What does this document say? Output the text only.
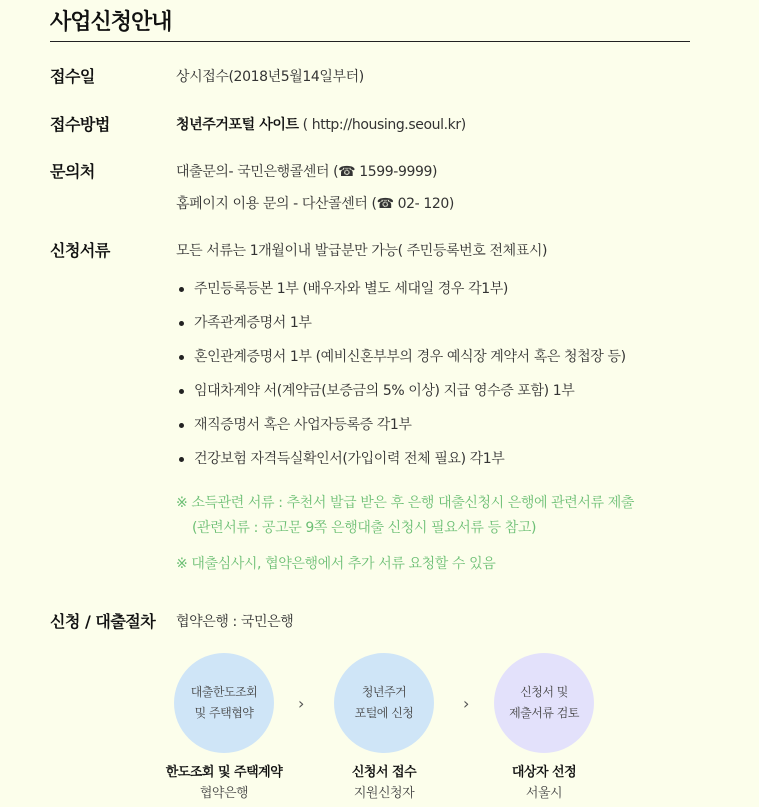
사업신청안내
접수일	상시접수(2018년5월14일부터)
접수방법	청년주거포털 사이트 ( http://housing.seoul.kr)
문의처	대출문의- 국민은행콜센터 (☎ 1599-9999)
홈페이지 이용 문의 - 다산콜센터 (☎ 02- 120)
신청서류	모든 서류는 1개월이내 발급분만 가능( 주민등록번호 전체표시)
주민등록등본 1부 (배우자와 별도 세대일 경우 각1부)
가족관계증명서 1부
혼인관계증명서 1부 (예비신혼부부의 경우 예식장 계약서 혹은 청첩장 등)
임대차계약 서(계약금(보증금의 5% 이상) 지급 영수증 포함) 1부
재직증명서 혹은 사업자등록증 각1부
건강보험 자격득실확인서(가입이력 전체 필요) 각1부
※ 소득관련 서류 : 추천서 발급 받은 후 은행 대출신청시 은행에 관련서류 제출
(관련서류 : 공고문 9쪽 은행대출 신청시 필요서류 등 참고)
※ 대출심사시, 협약은행에서 추가 서류 요청할 수 있음
신청 / 대출절차 협약은행 : 국민은행
대출한도조회
및 주택협약	›
청년주거
포털에 신청	›
신청서 및
제출서류 검토
한도조회 및 주택계약
협약은행
신청서 접수
지원신청자
대상자 선정
서울시
